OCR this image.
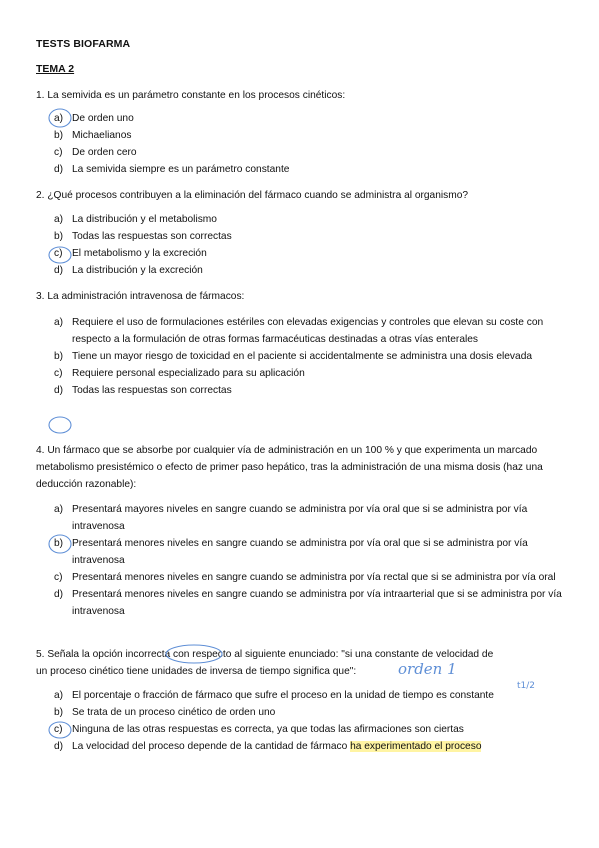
TESTS BIOFARMA
TEMA 2
1. La semivida es un parámetro constante en los procesos cinéticos:
a) De orden uno
b) Michaelianos
c) De orden cero
d) La semivida siempre es un parámetro constante
2. ¿Qué procesos contribuyen a la eliminación del fármaco cuando se administra al organismo?
a) La distribución y el metabolismo
b) Todas las respuestas son correctas
c) El metabolismo y la excreción
d) La distribución y la excreción
3. La administración intravenosa de fármacos:
a) Requiere el uso de formulaciones estériles con elevadas exigencias y controles que elevan su coste con respecto a la formulación de otras formas farmacéuticas destinadas a otras vías enterales
b) Tiene un mayor riesgo de toxicidad en el paciente si accidentalmente se administra una dosis elevada
c) Requiere personal especializado para su aplicación
d) Todas las respuestas son correctas
4. Un fármaco que se absorbe por cualquier vía de administración en un 100 % y que experimenta un marcado metabolismo presistémico o efecto de primer paso hepático, tras la administración de una misma dosis (haz una deducción razonable):
a) Presentará mayores niveles en sangre cuando se administra por vía oral que si se administra por vía intravenosa
b) Presentará menores niveles en sangre cuando se administra por vía oral que si se administra por vía intravenosa
c) Presentará menores niveles en sangre cuando se administra por vía rectal que si se administra por vía oral
d) Presentará menores niveles en sangre cuando se administra por vía intraarterial que si se administra por vía intravenosa
5. Señala la opción incorrecta con respecto al siguiente enunciado: "si una constante de velocidad de un proceso cinético tiene unidades de inversa de tiempo significa que":
a) El porcentaje o fracción de fármaco que sufre el proceso en la unidad de tiempo es constante
b) Se trata de un proceso cinético de orden uno
c) Ninguna de las otras respuestas es correcta, ya que todas las afirmaciones son ciertas
d) La velocidad del proceso depende de la cantidad de fármaco ha experimentado el proceso
orden 1
t1/2
